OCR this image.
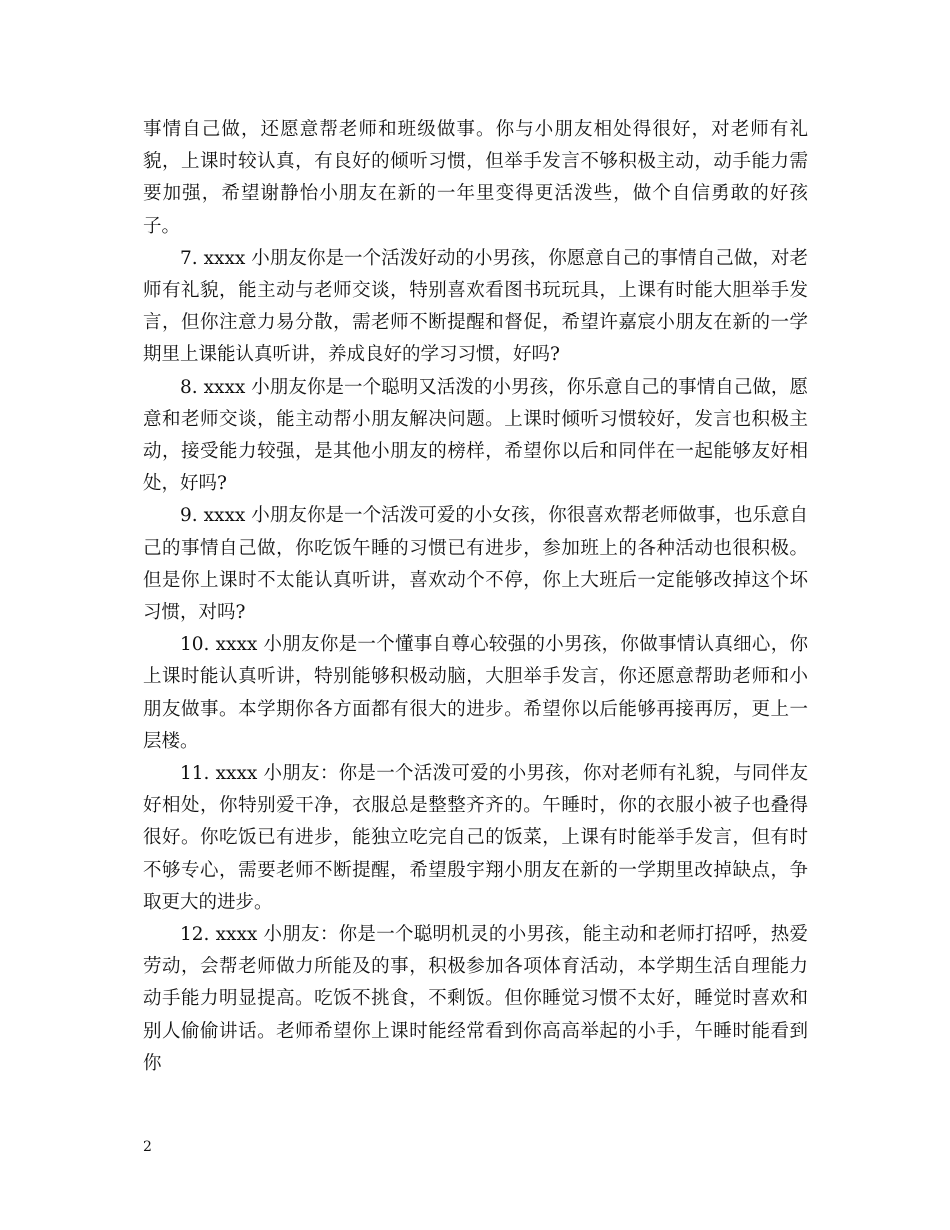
事情自己做，还愿意帮老师和班级做事。你与小朋友相处得很好，对老师有礼貌，上课时较认真，有良好的倾听习惯，但举手发言不够积极主动，动手能力需要加强，希望谢静怡小朋友在新的一年里变得更活泼些，做个自信勇敢的好孩子。

7. xxxx 小朋友你是一个活泼好动的小男孩，你愿意自己的事情自己做，对老师有礼貌，能主动与老师交谈，特别喜欢看图书玩玩具，上课有时能大胆举手发言，但你注意力易分散，需老师不断提醒和督促，希望许嘉宸小朋友在新的一学期里上课能认真听讲，养成良好的学习习惯，好吗?

8. xxxx 小朋友你是一个聪明又活泼的小男孩，你乐意自己的事情自己做，愿意和老师交谈，能主动帮小朋友解决问题。上课时倾听习惯较好，发言也积极主动，接受能力较强，是其他小朋友的榜样，希望你以后和同伴在一起能够友好相处，好吗?

9. xxxx 小朋友你是一个活泼可爱的小女孩，你很喜欢帮老师做事，也乐意自己的事情自己做，你吃饭午睡的习惯已有进步，参加班上的各种活动也很积极。但是你上课时不太能认真听讲，喜欢动个不停，你上大班后一定能够改掉这个坏习惯，对吗?

10. xxxx 小朋友你是一个懂事自尊心较强的小男孩，你做事情认真细心，你上课时能认真听讲，特别能够积极动脑，大胆举手发言，你还愿意帮助老师和小朋友做事。本学期你各方面都有很大的进步。希望你以后能够再接再厉，更上一层楼。

11. xxxx 小朋友：你是一个活泼可爱的小男孩，你对老师有礼貌，与同伴友好相处，你特别爱干净，衣服总是整整齐齐的。午睡时，你的衣服小被子也叠得很好。你吃饭已有进步，能独立吃完自己的饭菜，上课有时能举手发言，但有时不够专心，需要老师不断提醒，希望殷宇翔小朋友在新的一学期里改掉缺点，争取更大的进步。

12. xxxx 小朋友：你是一个聪明机灵的小男孩，能主动和老师打招呼，热爱劳动，会帮老师做力所能及的事，积极参加各项体育活动，本学期生活自理能力动手能力明显提高。吃饭不挑食，不剩饭。但你睡觉习惯不太好，睡觉时喜欢和别人偷偷讲话。老师希望你上课时能经常看到你高高举起的小手，午睡时能看到你

2
